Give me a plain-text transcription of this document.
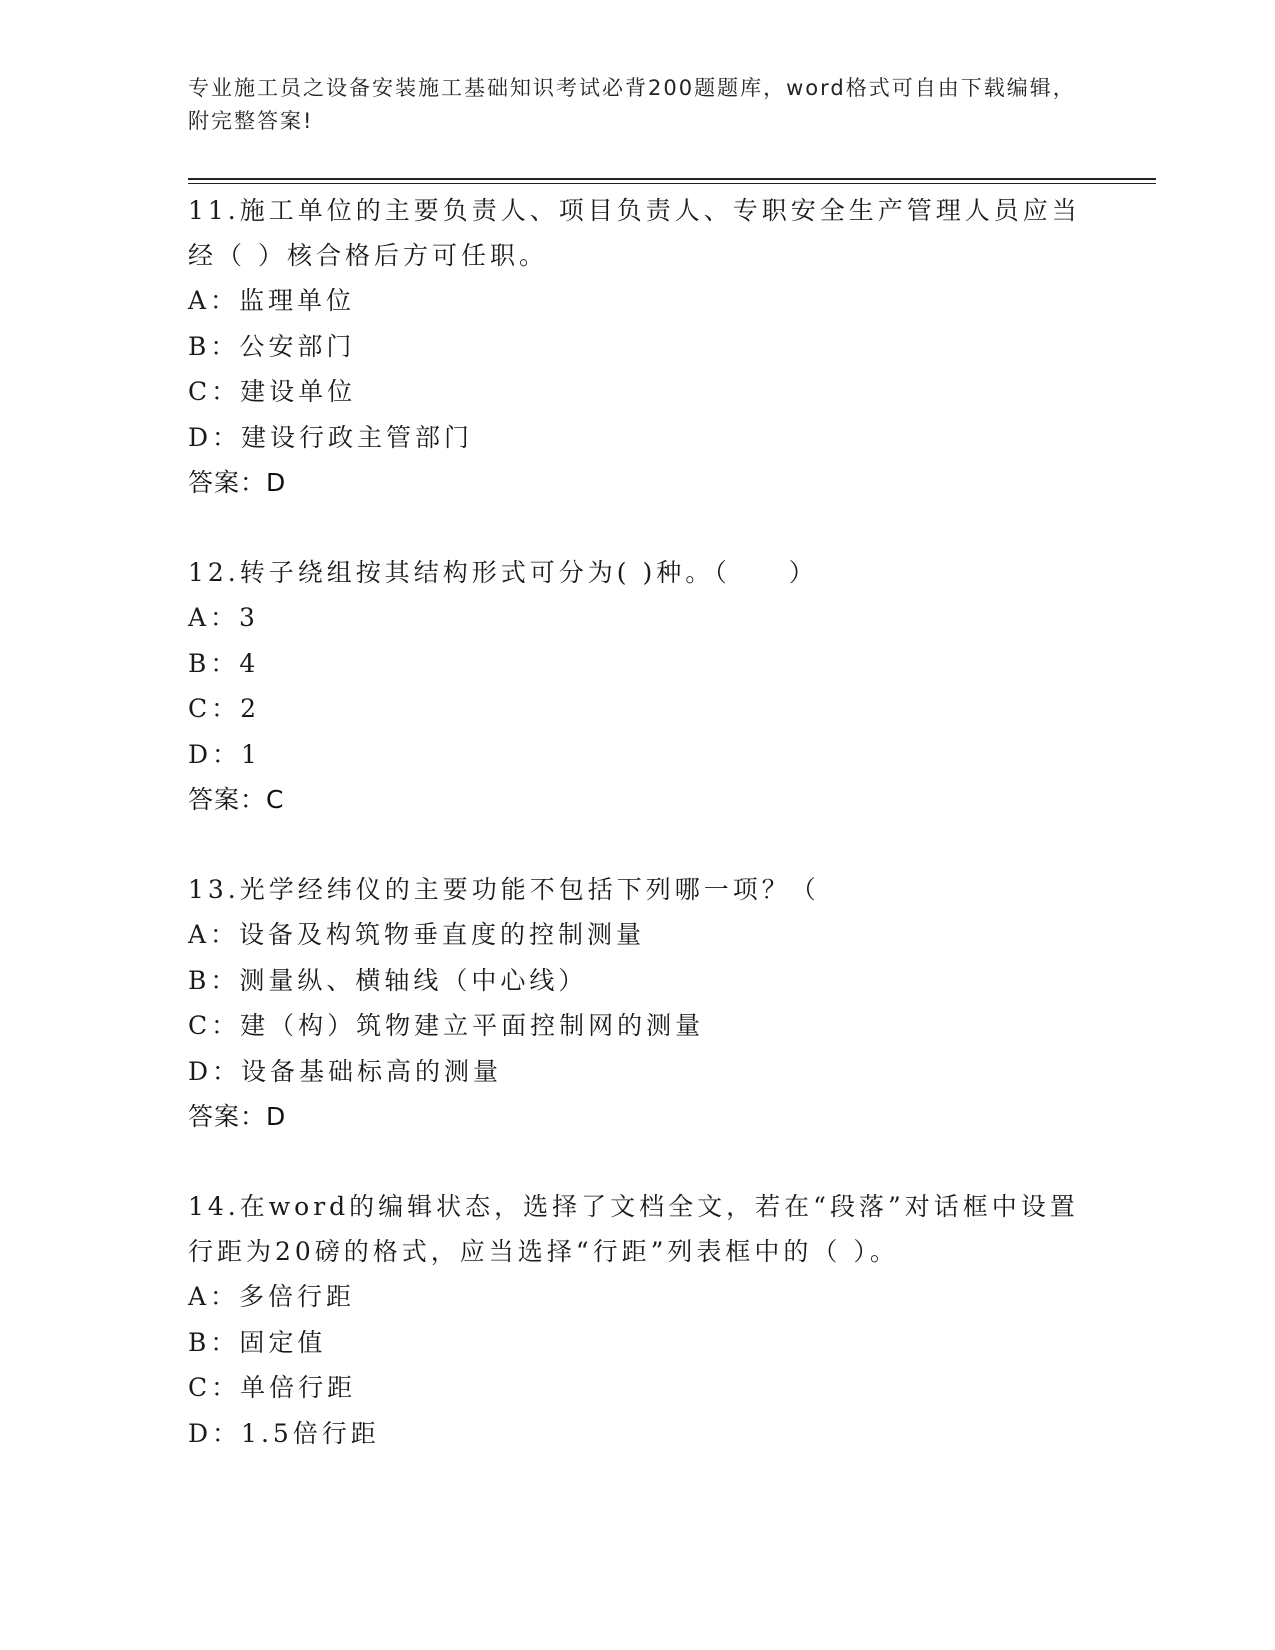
专业施工员之设备安装施工基础知识考试必背200题题库，word格式可自由下载编辑，附完整答案!

11.施工单位的主要负责人、项目负责人、专职安全生产管理人员应当经（ ）核合格后方可任职。

A：监理单位
B：公安部门
C：建设单位
D：建设行政主管部门
答案：D

12.转子绕组按其结构形式可分为( )种。（　　）

A：3
B：4
C：2
D：1
答案：C

13.光学经纬仪的主要功能不包括下列哪一项？（

A：设备及构筑物垂直度的控制测量
B：测量纵、横轴线（中心线）
C：建（构）筑物建立平面控制网的测量
D：设备基础标高的测量
答案：D

14.在word的编辑状态，选择了文档全文，若在“段落”对话框中设置行距为20磅的格式，应当选择“行距”列表框中的（ ）。

A：多倍行距
B：固定值
C：单倍行距
D：1.5倍行距
